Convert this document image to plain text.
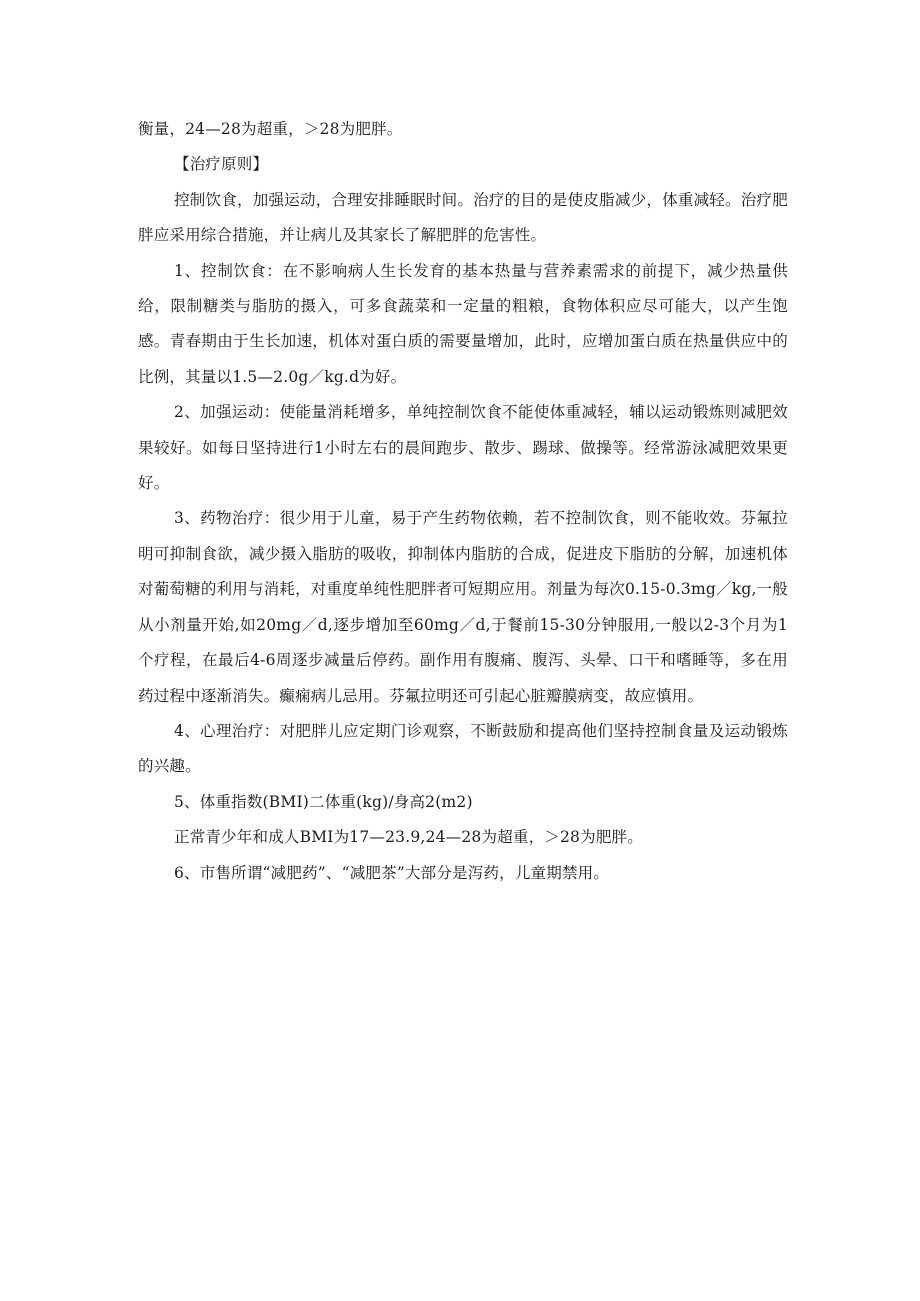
衡量，24—28为超重，＞28为肥胖。

【治疗原则】

控制饮食，加强运动，合理安排睡眠时间。治疗的目的是使皮脂减少，体重减轻。治疗肥胖应采用综合措施，并让病儿及其家长了解肥胖的危害性。

1、控制饮食：在不影响病人生长发育的基本热量与营养素需求的前提下，减少热量供给，限制糖类与脂肪的摄入，可多食蔬菜和一定量的粗粮，食物体积应尽可能大，以产生饱感。青春期由于生长加速，机体对蛋白质的需要量增加，此时，应增加蛋白质在热量供应中的比例，其量以1.5—2.0g／kg.d为好。

2、加强运动：使能量消耗增多，单纯控制饮食不能使体重减轻，辅以运动锻炼则减肥效果较好。如每日坚持进行1小时左右的晨间跑步、散步、踢球、做操等。经常游泳减肥效果更好。

3、药物治疗：很少用于儿童，易于产生药物依赖，若不控制饮食，则不能收效。芬氟拉明可抑制食欲，减少摄入脂肪的吸收，抑制体内脂肪的合成，促进皮下脂肪的分解，加速机体对葡萄糖的利用与消耗，对重度单纯性肥胖者可短期应用。剂量为每次0.15-0.3mg／kg,一般从小剂量开始,如20mg／d,逐步增加至60mg／d,于餐前15-30分钟服用,一般以2-3个月为1个疗程，在最后4-6周逐步减量后停药。副作用有腹痛、腹泻、头晕、口干和嗜睡等，多在用药过程中逐渐消失。癫痫病儿忌用。芬氟拉明还可引起心脏瓣膜病变，故应慎用。

4、心理治疗：对肥胖儿应定期门诊观察，不断鼓励和提高他们坚持控制食量及运动锻炼的兴趣。

5、体重指数(BMI)二体重(kg)/身高2(m2)

正常青少年和成人BMI为17—23.9,24—28为超重，＞28为肥胖。

6、市售所谓“减肥药”、“减肥茶”大部分是泻药，儿童期禁用。
